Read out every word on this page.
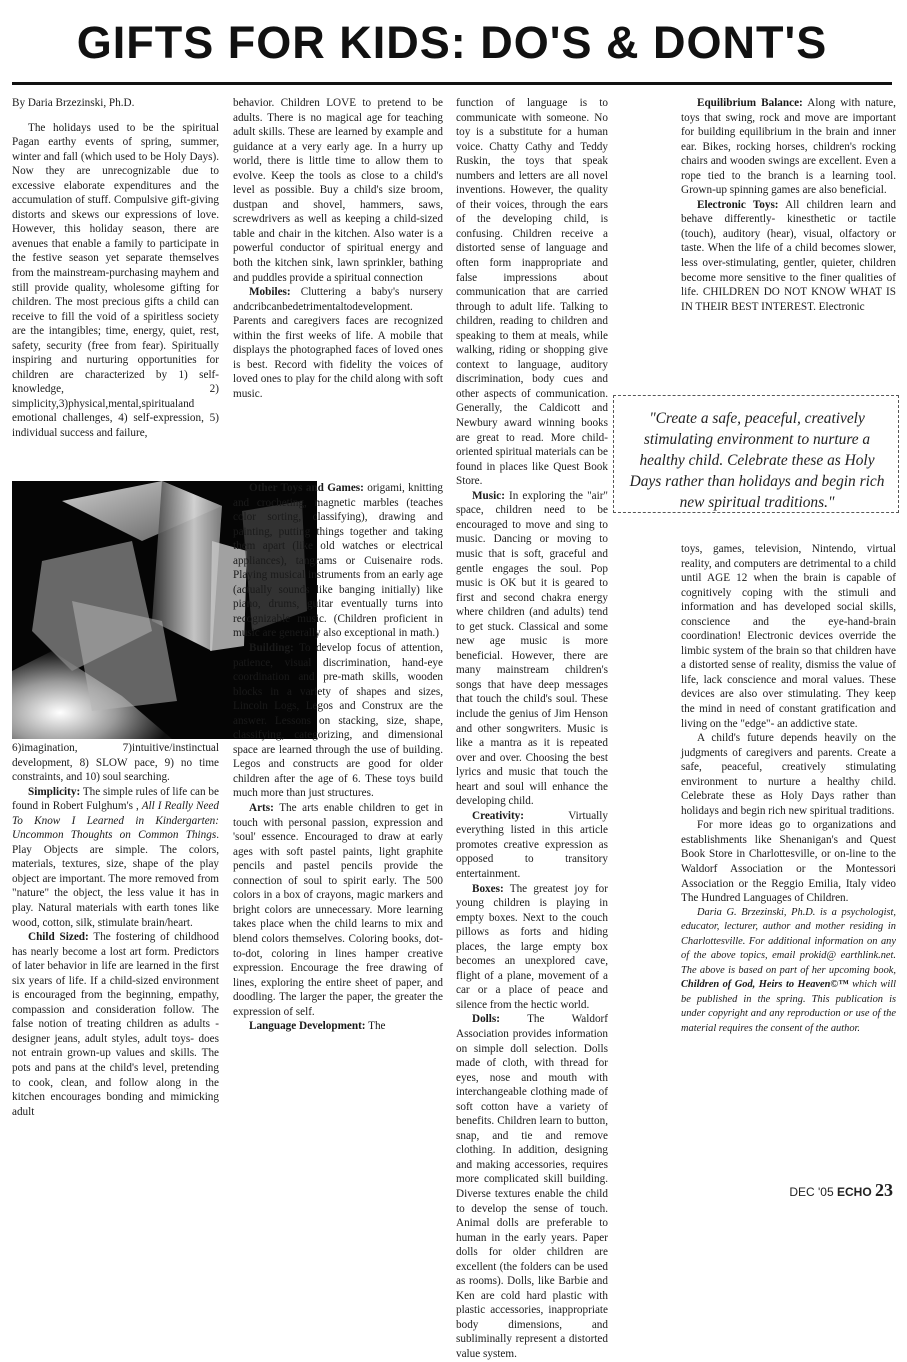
GIFTS FOR KIDS: DO'S & DONT'S
By Daria Brzezinski, Ph.D.

The holidays used to be the spiritual Pagan earthy events of spring, summer, winter and fall (which used to be Holy Days). Now they are unrecognizable due to excessive elaborate expenditures and the accumulation of stuff. Compulsive gift-giving distorts and skews our expressions of love. However, this holiday season, there are avenues that enable a family to participate in the festive season yet separate themselves from the mainstream-purchasing mayhem and still provide quality, wholesome gifting for children. The most precious gifts a child can receive to fill the void of a spiritless society are the intangibles; time, energy, quiet, rest, safety, security (free from fear). Spiritually inspiring and nurturing opportunities for children are characterized by 1) self-knowledge, 2) simplicity,3)physical,mental,spiritualand emotional challenges, 4) self-expression, 5) individual success and failure,

6)imagination, 7)intuitive/instinctual development, 8) SLOW pace, 9) no time constraints, and 10) soul searching.

Simplicity: The simple rules of life can be found in Robert Fulghum's , All I Really Need To Know I Learned in Kindergarten: Uncommon Thoughts on Common Things. Play Objects are simple. The colors, materials, textures, size, shape of the play object are important. The more removed from "nature" the object, the less value it has in play. Natural materials with earth tones like wood, cotton, silk, stimulate brain/heart.

Child Sized: The fostering of childhood has nearly become a lost art form. Predictors of later behavior in life are learned in the first six years of life. If a child-sized environment is encouraged from the beginning, empathy, compassion and consideration follow. The false notion of treating children as adults - designer jeans, adult styles, adult toys- does not entrain grown-up values and skills. The pots and pans at the child's level, pretending to cook, clean, and follow along in the kitchen encourages bonding and mimicking adult

behavior. Children LOVE to pretend to be adults. There is no magical age for teaching adult skills. These are learned by example and guidance at a very early age. In a hurry up world, there is little time to allow them to evolve. Keep the tools as close to a child's level as possible. Buy a child's size broom, dustpan and shovel, hammers, saws, screwdrivers as well as keeping a child-sized table and chair in the kitchen. Also water is a powerful conductor of spiritual energy and both the kitchen sink, lawn sprinkler, bathing and puddles provide a spiritual connection

Mobiles: Cluttering a baby's nursery andcribcanbedetrimentaltodevelopment. Parents and caregivers faces are recognized within the first weeks of life. A mobile that displays the photographed faces of loved ones is best. Record with fidelity the voices of loved ones to play for the child along with soft music.

Other Toys and Games: origami, knitting and crocheting, magnetic marbles (teaches color sorting, classifying), drawing and painting, putting things together and taking them apart (like old watches or electrical appliances), tangrams or Cuisenaire rods. Playing musical instruments from an early age (actually sounds like banging initially) like piano, drums, guitar eventually turns into recognizable music. (Children proficient in music are generally also exceptional in math.)

Building: To develop focus of attention, patience, visual discrimination, hand-eye coordination and pre-math skills, wooden blocks in a variety of shapes and sizes, Lincoln Logs, Legos and Construx are the answer. Lessons on stacking, size, shape, classifying, categorizing, and dimensional space are learned through the use of building. Legos and constructs are good for older children after the age of 6. These toys build much more than just structures.

Arts: The arts enable children to get in touch with personal passion, expression and 'soul' essence. Encouraged to draw at early ages with soft pastel paints, light graphite pencils and pastel pencils provide the connection of soul to spirit early. The 500 colors in a box of crayons, magic markers and bright colors are unnecessary. More learning takes place when the child learns to mix and blend colors themselves. Coloring books, dot-to-dot, coloring in lines hamper creative expression. Encourage the free drawing of lines, exploring the entire sheet of paper, and doodling. The larger the paper, the greater the expression of self.

Language Development: The

function of language is to communicate with someone. No toy is a substitute for a human voice. Chatty Cathy and Teddy Ruskin, the toys that speak numbers and letters are all novel inventions. However, the quality of their voices, through the ears of the developing child, is confusing. Children receive a distorted sense of language and often form inappropriate and false impressions about communication that are carried through to adult life. Talking to children, reading to children and speaking to them at meals, while walking, riding or shopping give context to language, auditory discrimination, body cues and other aspects of communication. Generally, the Caldicott and Newbury award winning books are great to read. More child-oriented spiritual materials can be found in places like Quest Book Store.

Music: In exploring the "air" space, children need to be encouraged to move and sing to music. Dancing or moving to music that is soft, graceful and gentle engages the soul. Pop music is OK but it is geared to first and second chakra energy where children (and adults) tend to get stuck. Classical and some new age music is more beneficial. However, there are many mainstream children's songs that have deep messages that touch the child's soul. These include the genius of Jim Henson and other songwriters. Music is like a mantra as it is repeated over and over. Choosing the best lyrics and music that touch the heart and soul will enhance the developing child.

Creativity: Virtually everything listed in this article promotes creative expression as opposed to transitory entertainment.

Boxes: The greatest joy for young children is playing in empty boxes. Next to the couch pillows as forts and hiding places, the large empty box becomes an unexplored cave, flight of a plane, movement of a car or a place of peace and silence from the hectic world.

Dolls: The Waldorf Association provides information on simple doll selection. Dolls made of cloth, with thread for eyes, nose and mouth with interchangeable clothing made of soft cotton have a variety of benefits. Children learn to button, snap, and tie and remove clothing. In addition, designing and making accessories, requires more complicated skill building. Diverse textures enable the child to develop the sense of touch. Animal dolls are preferable to human in the early years. Paper dolls for older children are excellent (the folders can be used as rooms). Dolls, like Barbie and Ken are cold hard plastic with plastic accessories, inappropriate body dimensions, and subliminally represent a distorted value system.

Equilibrium Balance: Along with nature, toys that swing, rock and move are important for building equilibrium in the brain and inner ear. Bikes, rocking horses, children's rocking chairs and wooden swings are excellent. Even a rope tied to the branch is a learning tool. Grown-up spinning games are also beneficial.

Electronic Toys: All children learn and behave differently- kinesthetic or tactile (touch), auditory (hear), visual, olfactory or taste. When the life of a child becomes slower, less over-stimulating, gentler, quieter, children become more sensitive to the finer qualities of life. CHILDREN DO NOT KNOW WHAT IS IN THEIR BEST INTEREST. Electronic

"Create a safe, peaceful, creatively stimulating environment to nurture a healthy child. Celebrate these as Holy Days rather than holidays and begin rich new spiritual traditions."

toys, games, television, Nintendo, virtual reality, and computers are detrimental to a child until AGE 12 when the brain is capable of cognitively coping with the stimuli and information and has developed social skills, conscience and the eye-hand-brain coordination! Electronic devices override the limbic system of the brain so that children have a distorted sense of reality, dismiss the value of life, lack conscience and moral values. These devices are also over stimulating. They keep the mind in need of constant gratification and living on the "edge"- an addictive state.

A child's future depends heavily on the judgments of caregivers and parents. Create a safe, peaceful, creatively stimulating environment to nurture a healthy child. Celebrate these as Holy Days rather than holidays and begin rich new spiritual traditions.

For more ideas go to organizations and establishments like Shenanigan's and Quest Book Store in Charlottesville, or on-line to the Waldorf Association or the Montessori Association or the Reggio Emilia, Italy video The Hundred Languages of Children.

Daria G. Brzezinski, Ph.D. is a psychologist, educator, lecturer, author and mother residing in Charlottesville. For additional information on any of the above topics, email prokid@ earthlink.net. The above is based on part of her upcoming book, Children of God, Heirs to Heaven©™ which will be published in the spring. This publication is under copyright and any reproduction or use of the material requires the consent of the author.

DEC '05 ECHO 23
